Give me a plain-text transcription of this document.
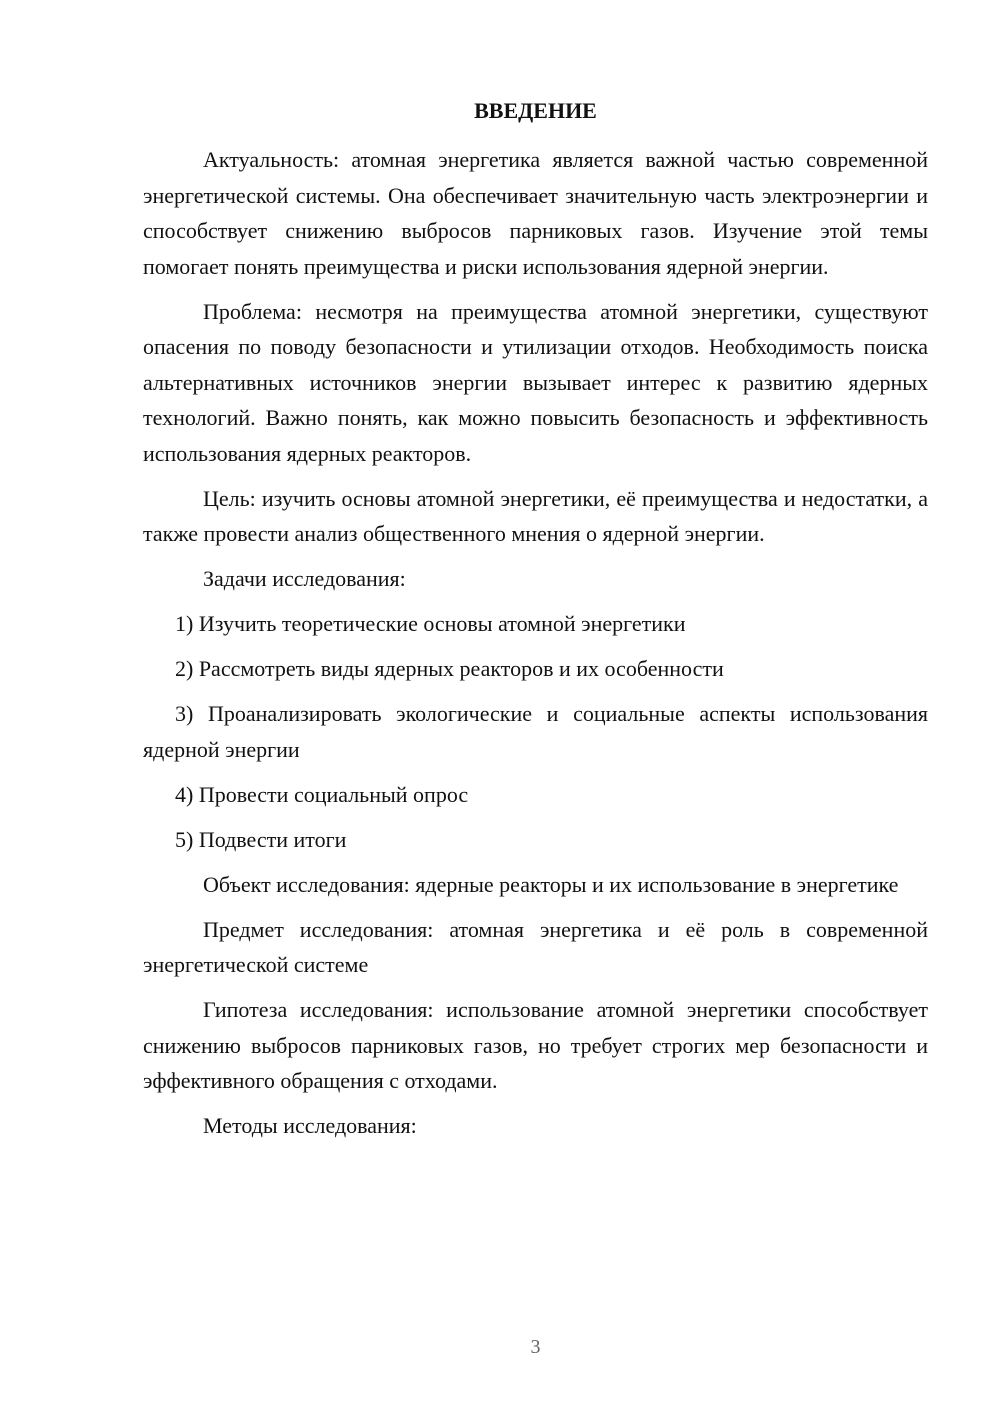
ВВЕДЕНИЕ

Актуальность: атомная энергетика является важной частью современной энергетической системы. Она обеспечивает значительную часть электроэнергии и способствует снижению выбросов парниковых газов. Изучение этой темы помогает понять преимущества и риски использования ядерной энергии.

Проблема: несмотря на преимущества атомной энергетики, существуют опасения по поводу безопасности и утилизации отходов. Необходимость поиска альтернативных источников энергии вызывает интерес к развитию ядерных технологий. Важно понять, как можно повысить безопасность и эффективность использования ядерных реакторов.

Цель: изучить основы атомной энергетики, её преимущества и недостатки, а также провести анализ общественного мнения о ядерной энергии.

Задачи исследования:

1) Изучить теоретические основы атомной энергетики

2) Рассмотреть виды ядерных реакторов и их особенности

3) Проанализировать экологические и социальные аспекты использования ядерной энергии

4) Провести социальный опрос

5) Подвести итоги

Объект исследования: ядерные реакторы и их использование в энергетике

Предмет исследования: атомная энергетика и её роль в современной энергетической системе

Гипотеза исследования: использование атомной энергетики способствует снижению выбросов парниковых газов, но требует строгих мер безопасности и эффективного обращения с отходами.

Методы исследования:

3
